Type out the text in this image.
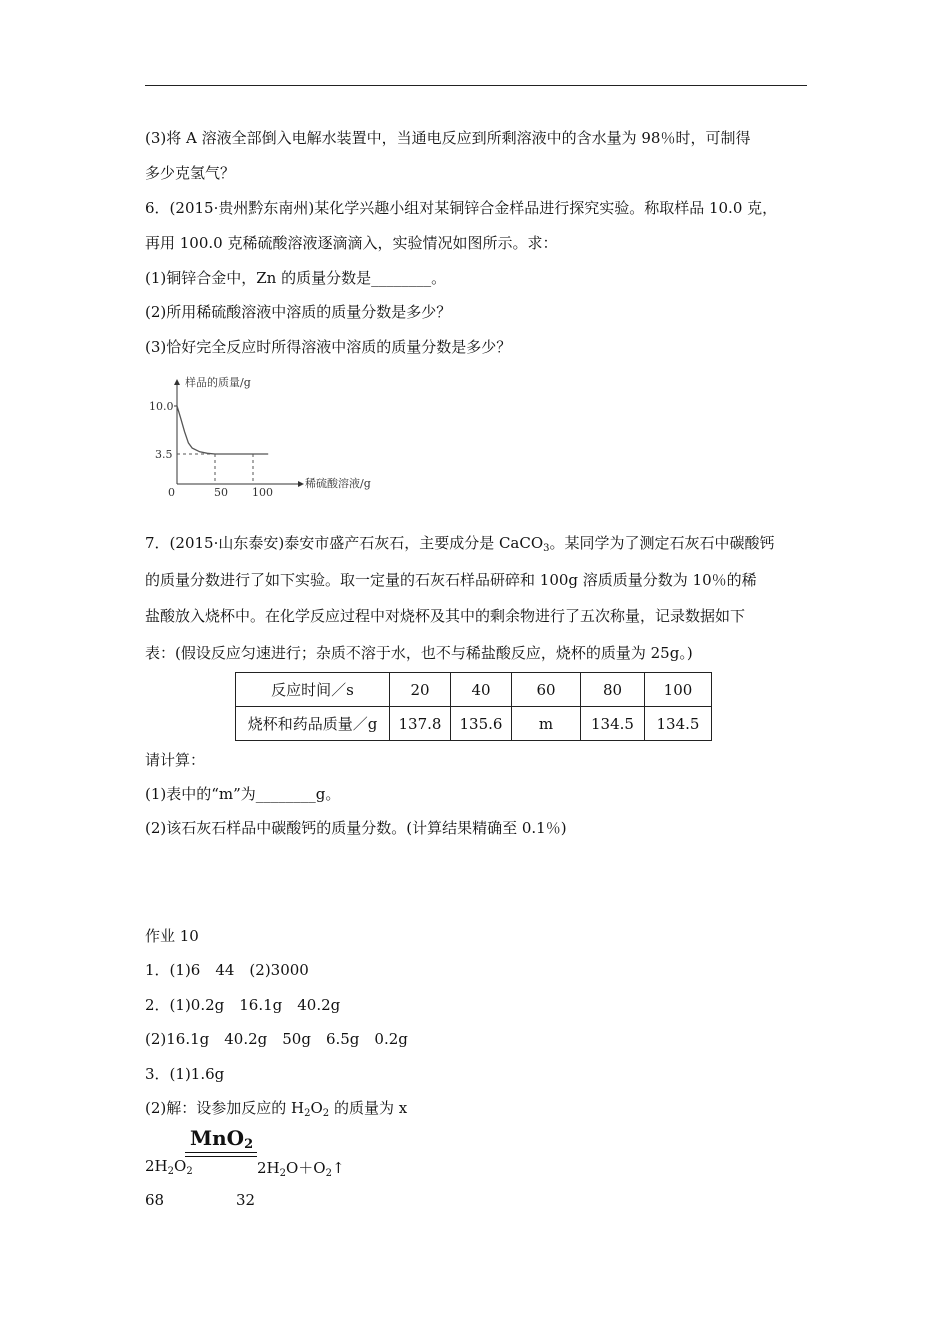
(3)将 A 溶液全部倒入电解水装置中，当通电反应到所剩溶液中的含水量为 98％时，可制得
多少克氢气？
6．(2015·贵州黔东南州)某化学兴趣小组对某铜锌合金样品进行探究实验。称取样品 10.0 克，
再用 100.0 克稀硫酸溶液逐滴滴入，实验情况如图所示。求：
(1)铜锌合金中，Zn 的质量分数是________。
(2)所用稀硫酸溶液中溶质的质量分数是多少？
(3)恰好完全反应时所得溶液中溶质的质量分数是多少？
样品的质量/g
稀硫酸溶液/g
0
10.0
3.5
50 100
7．(2015·山东泰安)泰安市盛产石灰石，主要成分是 CaCO$_3$。某同学为了测定石灰石中碳酸钙
的质量分数进行了如下实验。取一定量的石灰石样品研碎和 100g 溶质质量分数为 10％的稀
盐酸放入烧杯中。在化学反应过程中对烧杯及其中的剩余物进行了五次称量，记录数据如下
表：(假设反应匀速进行；杂质不溶于水，也不与稀盐酸反应，烧杯的质量为 25g。)
反应时间／s	20	40	60	80	100
烧杯和药品质量／g	137.8	135.6	m	134.5	134.5
请计算：
(1)表中的“m”为________g。
(2)该石灰石样品中碳酸钙的质量分数。(计算结果精确至 0.1％)
作业 10
1．(1)6　44　(2)3000
2．(1)0.2g　16.1g　40.2g
(2)16.1g　40.2g　50g　6.5g　0.2g
3．(1)1.6g
(2)解：设参加反应的 $H_2O_2$ 的质量为 x
MnO$_2$
$2H_2O_2$	$2H_2O+O_2↑$
68	32
